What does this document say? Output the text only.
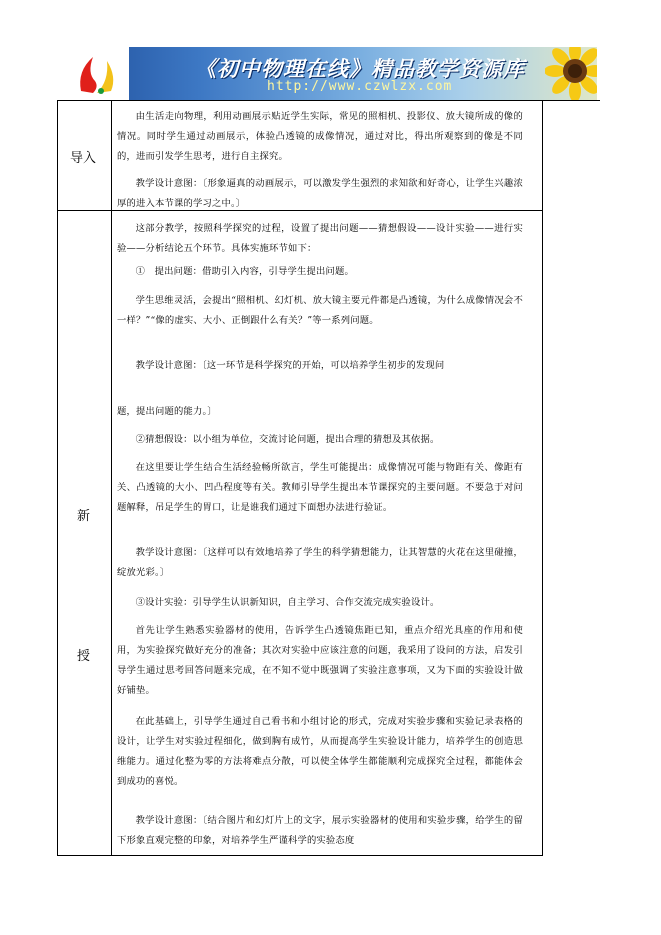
《初中物理在线》精品教学资源库
http://www.czwlzx.com
导入
新
授
由生活走向物理，利用动画展示贴近学生实际，常见的照相机、投影仪、放大镜所成的像的情况。同时学生通过动画展示，体验凸透镜的成像情况，通过对比，得出所观察到的像是不同的，进而引发学生思考，进行自主探究。
教学设计意图：〔形象逼真的动画展示，可以激发学生强烈的求知欲和好奇心，让学生兴趣浓厚的进入本节课的学习之中。〕
这部分教学，按照科学探究的过程，设置了提出问题——猜想假设——设计实验——进行实验——分析结论五个环节。具体实施环节如下：
①　提出问题：借助引入内容，引导学生提出问题。
学生思维灵活，会提出“照相机、幻灯机、放大镜主要元件都是凸透镜，为什么成像情况会不一样？”“像的虚实、大小、正倒跟什么有关？”等一系列问题。
教学设计意图：〔这一环节是科学探究的开始，可以培养学生初步的发现问
题，提出问题的能力。〕
②猜想假设：以小组为单位，交流讨论问题，提出合理的猜想及其依据。
在这里要让学生结合生活经验畅所欲言，学生可能提出：成像情况可能与物距有关、像距有关、凸透镜的大小、凹凸程度等有关。教师引导学生提出本节课探究的主要问题。不要急于对问题解释，吊足学生的胃口，让是谁我们通过下面想办法进行验证。
教学设计意图：〔这样可以有效地培养了学生的科学猜想能力，让其智慧的火花在这里碰撞，绽放光彩。〕
③设计实验：引导学生认识新知识，自主学习、合作交流完成实验设计。
首先让学生熟悉实验器材的使用，告诉学生凸透镜焦距已知，重点介绍光具座的作用和使用，为实验探究做好充分的准备；其次对实验中应该注意的问题，我采用了设问的方法，启发引导学生通过思考回答问题来完成，在不知不觉中既强调了实验注意事项，又为下面的实验设计做好铺垫。
在此基础上，引导学生通过自己看书和小组讨论的形式，完成对实验步骤和实验记录表格的设计，让学生对实验过程细化，做到胸有成竹，从而提高学生实验设计能力，培养学生的创造思维能力。通过化整为零的方法将难点分散，可以使全体学生都能顺利完成探究全过程，都能体会到成功的喜悦。
教学设计意图：〔结合图片和幻灯片上的文字，展示实验器材的使用和实验步骤，给学生的留下形象直观完整的印象，对培养学生严谨科学的实验态度
